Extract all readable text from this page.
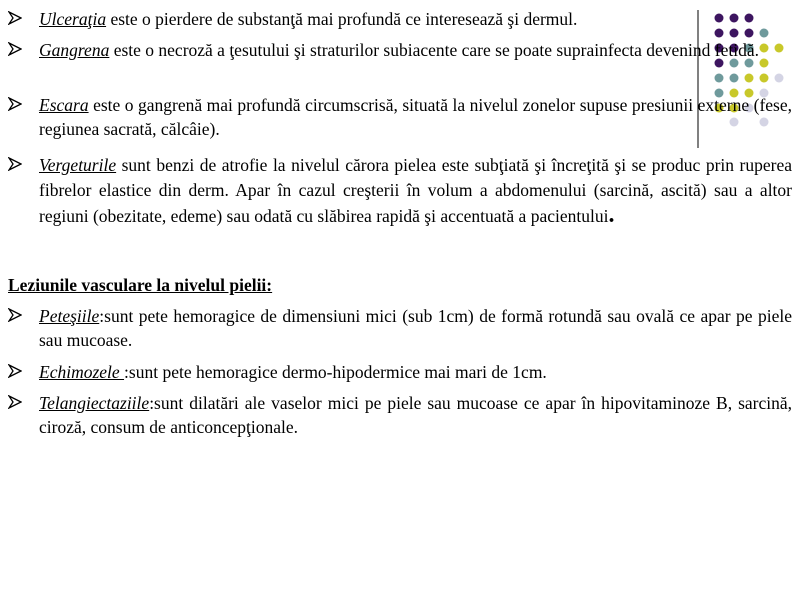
Ulceraţia este o pierdere de substanţă mai profundă ce interesează şi dermul.
Gangrena este o necroză a ţesutului şi straturilor subiacente care se poate suprainfecta devenind fetidă.
Escara este o gangrenă mai profundă circumscrisă, situată la nivelul zonelor supuse presiunii externe (fese, regiunea sacrată, călcâie).
Vergeturile sunt benzi de atrofie la nivelul cărora pielea este subţiată şi încreţită şi se produc prin ruperea fibrelor elastice din derm. Apar în cazul creşterii în volum a abdomenului (sarcină, ascită) sau a altor regiuni (obezitate, edeme) sau odată cu slăbirea rapidă şi accentuată a pacientului.
Leziunile vasculare la nivelul pielii:
Peteşiile:sunt pete hemoragice de dimensiuni mici (sub 1cm) de formă rotundă sau ovală ce apar pe piele sau mucoase.
Echimozele :sunt pete hemoragice dermo-hipodermice mai mari de 1cm.
Telangiectaziile:sunt dilatări ale vaselor mici pe piele sau mucoase ce apar în hipovitaminoze B, sarcină, ciroză, consum de anticoncepţionale.
